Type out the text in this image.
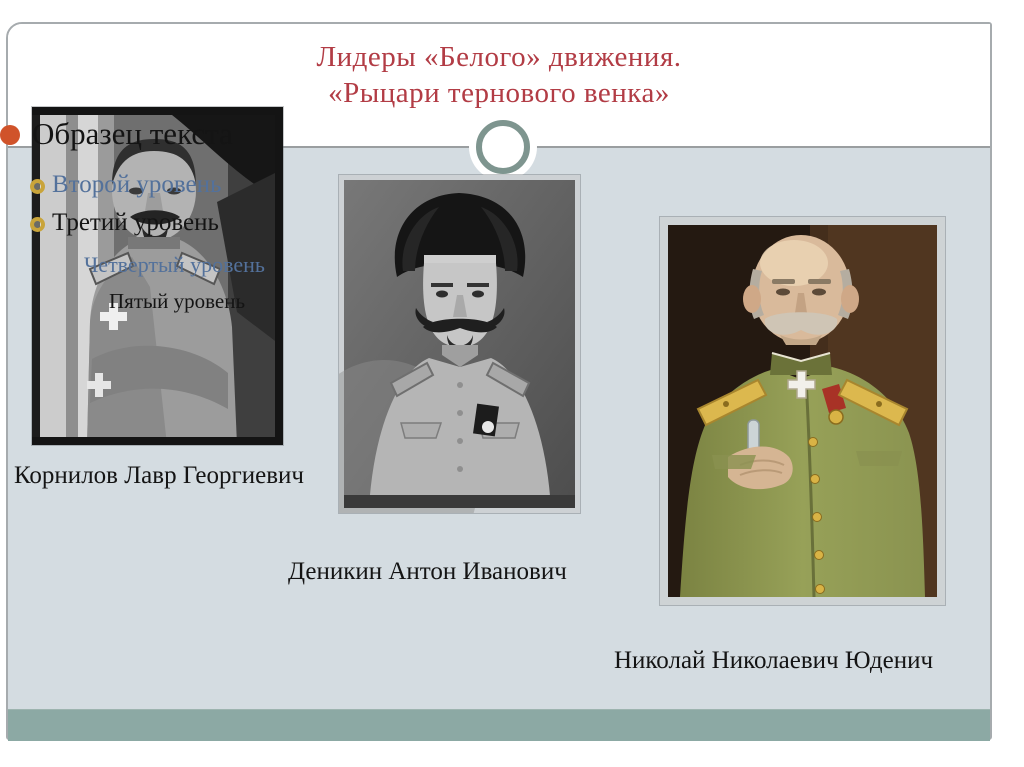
Лидеры «Белого» движения.
«Рыцари тернового венка»
Образец текста
Второй уровень
Третий уровень
Четвертый уровень
Пятый уровень
Корнилов Лавр Георгиевич
Деникин Антон Иванович
Николай Николаевич Юденич
